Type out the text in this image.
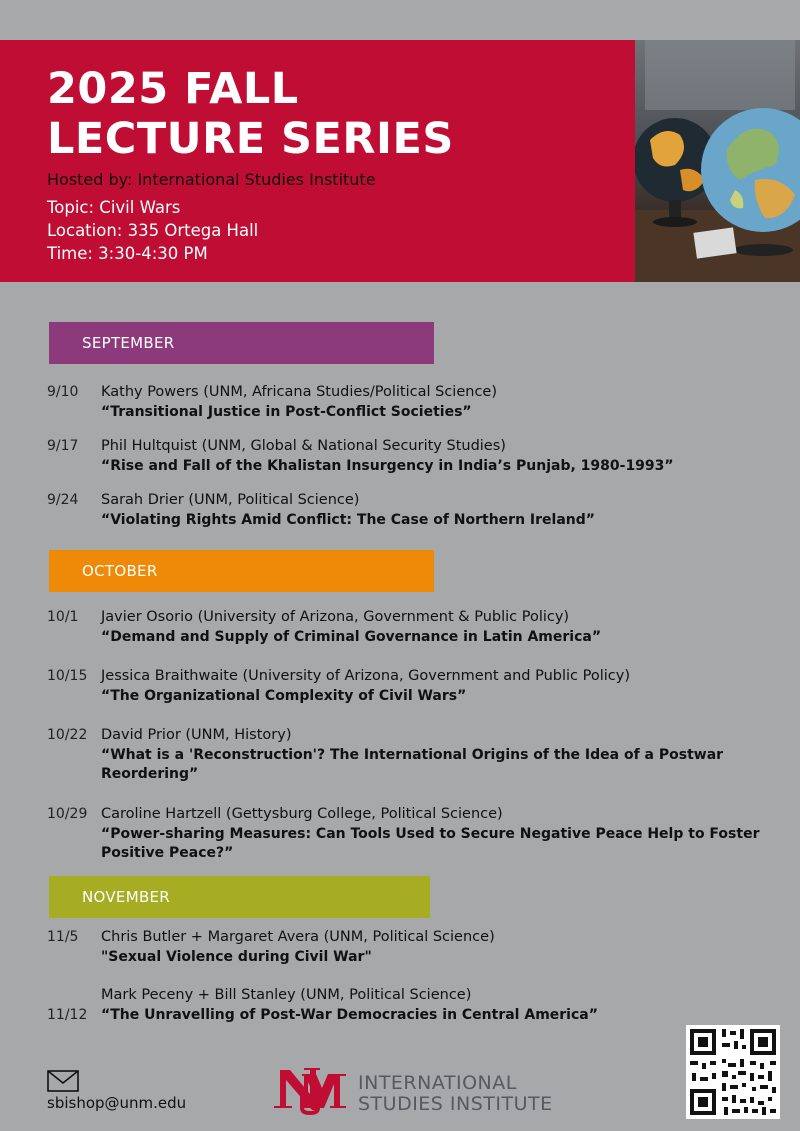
2025 FALL
LECTURE SERIES
Hosted by: International Studies Institute
Topic: Civil Wars
Location: 335 Ortega Hall
Time: 3:30-4:30 PM
SEPTEMBER
9/10 Kathy Powers (UNM, Africana Studies/Political Science)
“Transitional Justice in Post-Conflict Societies”
9/17 Phil Hultquist (UNM, Global & National Security Studies)
“Rise and Fall of the Khalistan Insurgency in India’s Punjab, 1980-1993”
9/24 Sarah Drier (UNM, Political Science)
“Violating Rights Amid Conflict: The Case of Northern Ireland”
OCTOBER
10/1 Javier Osorio (University of Arizona, Government & Public Policy)
“Demand and Supply of Criminal Governance in Latin America”
10/15 Jessica Braithwaite (University of Arizona, Government and Public Policy)
“The Organizational Complexity of Civil Wars”
10/22 David Prior (UNM, History)
“What is a 'Reconstruction'? The International Origins of the Idea of a Postwar Reordering”
10/29 Caroline Hartzell (Gettysburg College, Political Science)
“Power-sharing Measures: Can Tools Used to Secure Negative Peace Help to Foster Positive Peace?”
NOVEMBER
11/5 Chris Butler + Margaret Avera (UNM, Political Science)
"Sexual Violence during Civil War"
11/12
Mark Peceny + Bill Stanley (UNM, Political Science)
“The Unravelling of Post-War Democracies in Central America”
sbishop@unm.edu
INTERNATIONAL
STUDIES INSTITUTE
